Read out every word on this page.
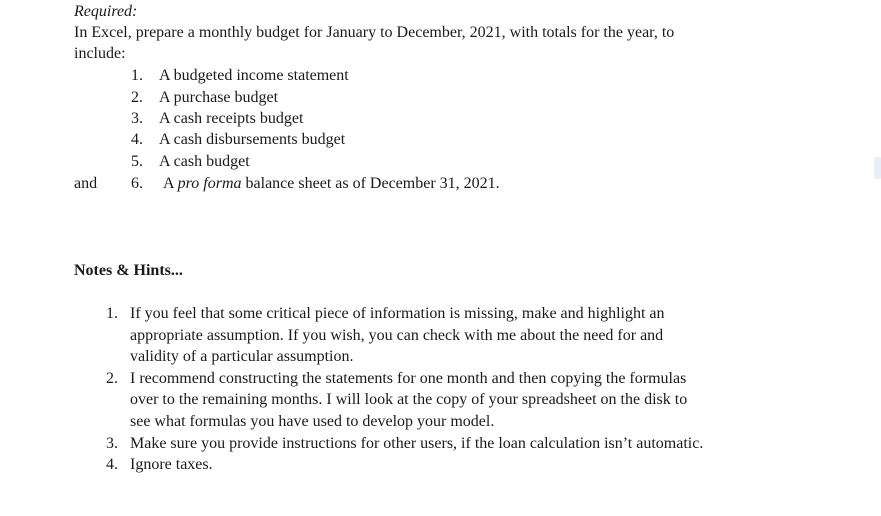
Required:
In Excel, prepare a monthly budget for January to December, 2021, with totals for the year, to
include:
1. A budgeted income statement
2. A purchase budget
3. A cash receipts budget
4. A cash disbursements budget
5. A cash budget
and	6. A pro forma balance sheet as of December 31, 2021.
Notes & Hints...
1. If you feel that some critical piece of information is missing, make and highlight an
appropriate assumption. If you wish, you can check with me about the need for and
validity of a particular assumption.
2. I recommend constructing the statements for one month and then copying the formulas
over to the remaining months. I will look at the copy of your spreadsheet on the disk to
see what formulas you have used to develop your model.
3. Make sure you provide instructions for other users, if the loan calculation isn’t automatic.
4. Ignore taxes.
